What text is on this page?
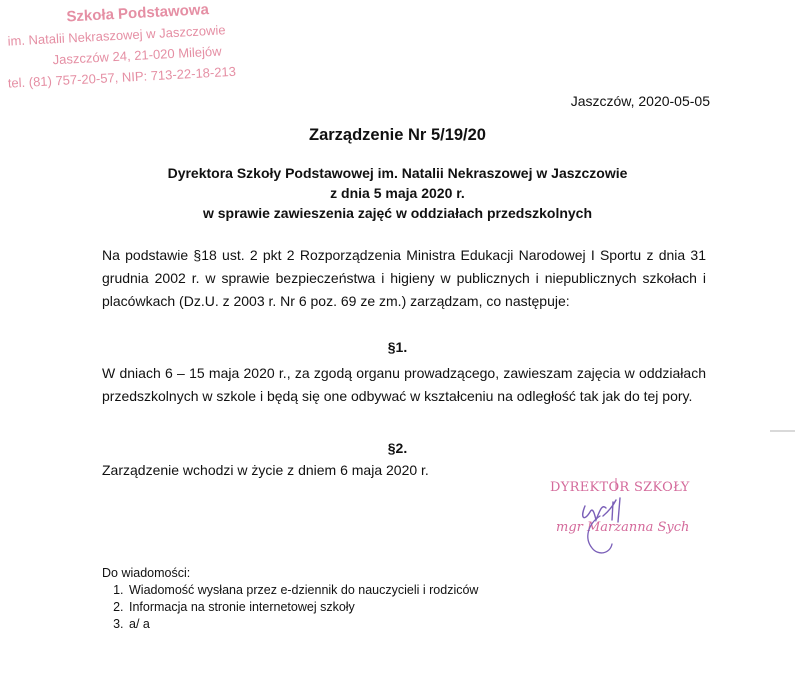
Szkoła Podstawowa
im. Natalii Nekraszowej w Jaszczowie
Jaszczów 24, 21-020 Milejów
tel. (81) 757-20-57, NIP: 713-22-18-213
Jaszczów, 2020-05-05
Zarządzenie Nr 5/19/20
Dyrektora Szkoły Podstawowej im. Natalii Nekraszowej w Jaszczowie
z dnia 5 maja 2020 r.
w sprawie zawieszenia zajęć w oddziałach przedszkolnych

Na podstawie §18 ust. 2 pkt 2 Rozporządzenia Ministra Edukacji Narodowej I Sportu z dnia 31 grudnia 2002 r. w sprawie bezpieczeństwa i higieny w publicznych i niepublicznych szkołach i placówkach (Dz.U. z 2003 r. Nr 6 poz. 69 ze zm.) zarządzam, co następuje:

§1.

W dniach 6 – 15 maja 2020 r., za zgodą organu prowadzącego, zawieszam zajęcia w oddziałach przedszkolnych w szkole i będą się one odbywać w kształceniu na odległość tak jak do tej pory.

§2.
Zarządzenie wchodzi w życie z dniem 6 maja 2020 r.
DYREKTOR SZKOŁY
mgr Marzanna Sych
Do wiadomości:
1. Wiadomość wysłana przez e-dziennik do nauczycieli i rodziców
2. Informacja na stronie internetowej szkoły
3. a/ a
